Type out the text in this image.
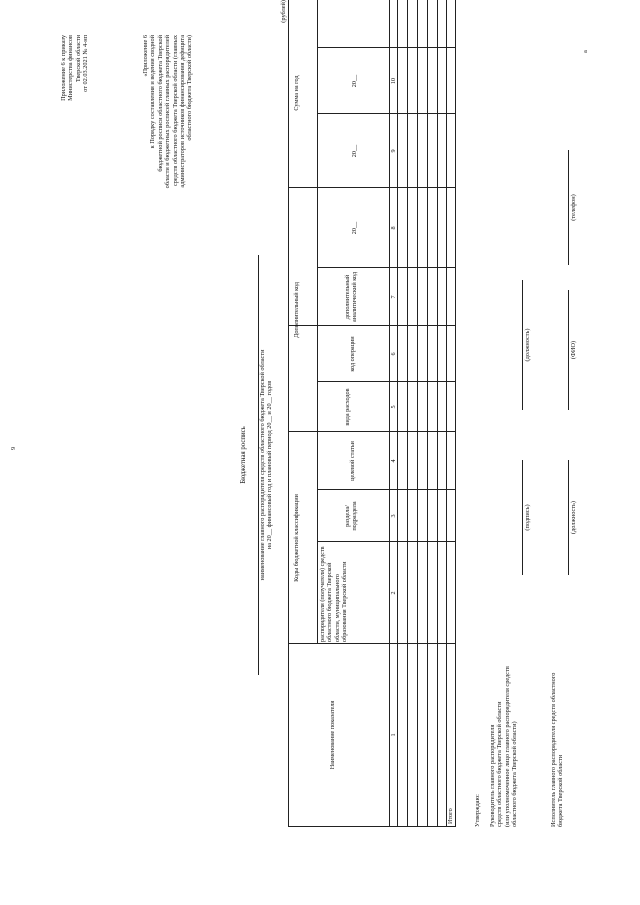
9
а
Приложение 6 к приказу Министерства финансов Тверской области от 02.03.2021 № 4-нп	«Приложение 6 к Порядку составления и ведения сводной бюджетной росписи областного бюджета Тверской области и бюджетных росписей главных распорядителей средств областного бюджета Тверской области (главных администраторов источников финансирования дефицита областного бюджета Тверской области)
Бюджетная роспись наименование главного распорядителя средств областного бюджета Тверской области на 20__ финансовый год и плановый период 20__ и 20__ годов
(рублей)
Наименование показателя
Коды бюджетной классификации
Дополнительный код
Сумма на год
распорядителя (получателя) средств областного бюджета Тверской области, муниципального образования Тверской области
раздела/ подраздела
целевой статьи
вида расходов
код операции
дополнительный аналитический код
20__
20__
20__
1
2
3
4
5
6
7
8
9
10
Итого	Утверждаю: Руководитель главного распорядителя средств областного бюджета Тверской области (или уполномоченное лицо главного распорядителя средств областного бюджета Тверской области)
(подпись)
(должность)
Исполнитель главного распорядителя средств областного бюджета Тверской области
(должность)
(ФИО)
(телефон)
